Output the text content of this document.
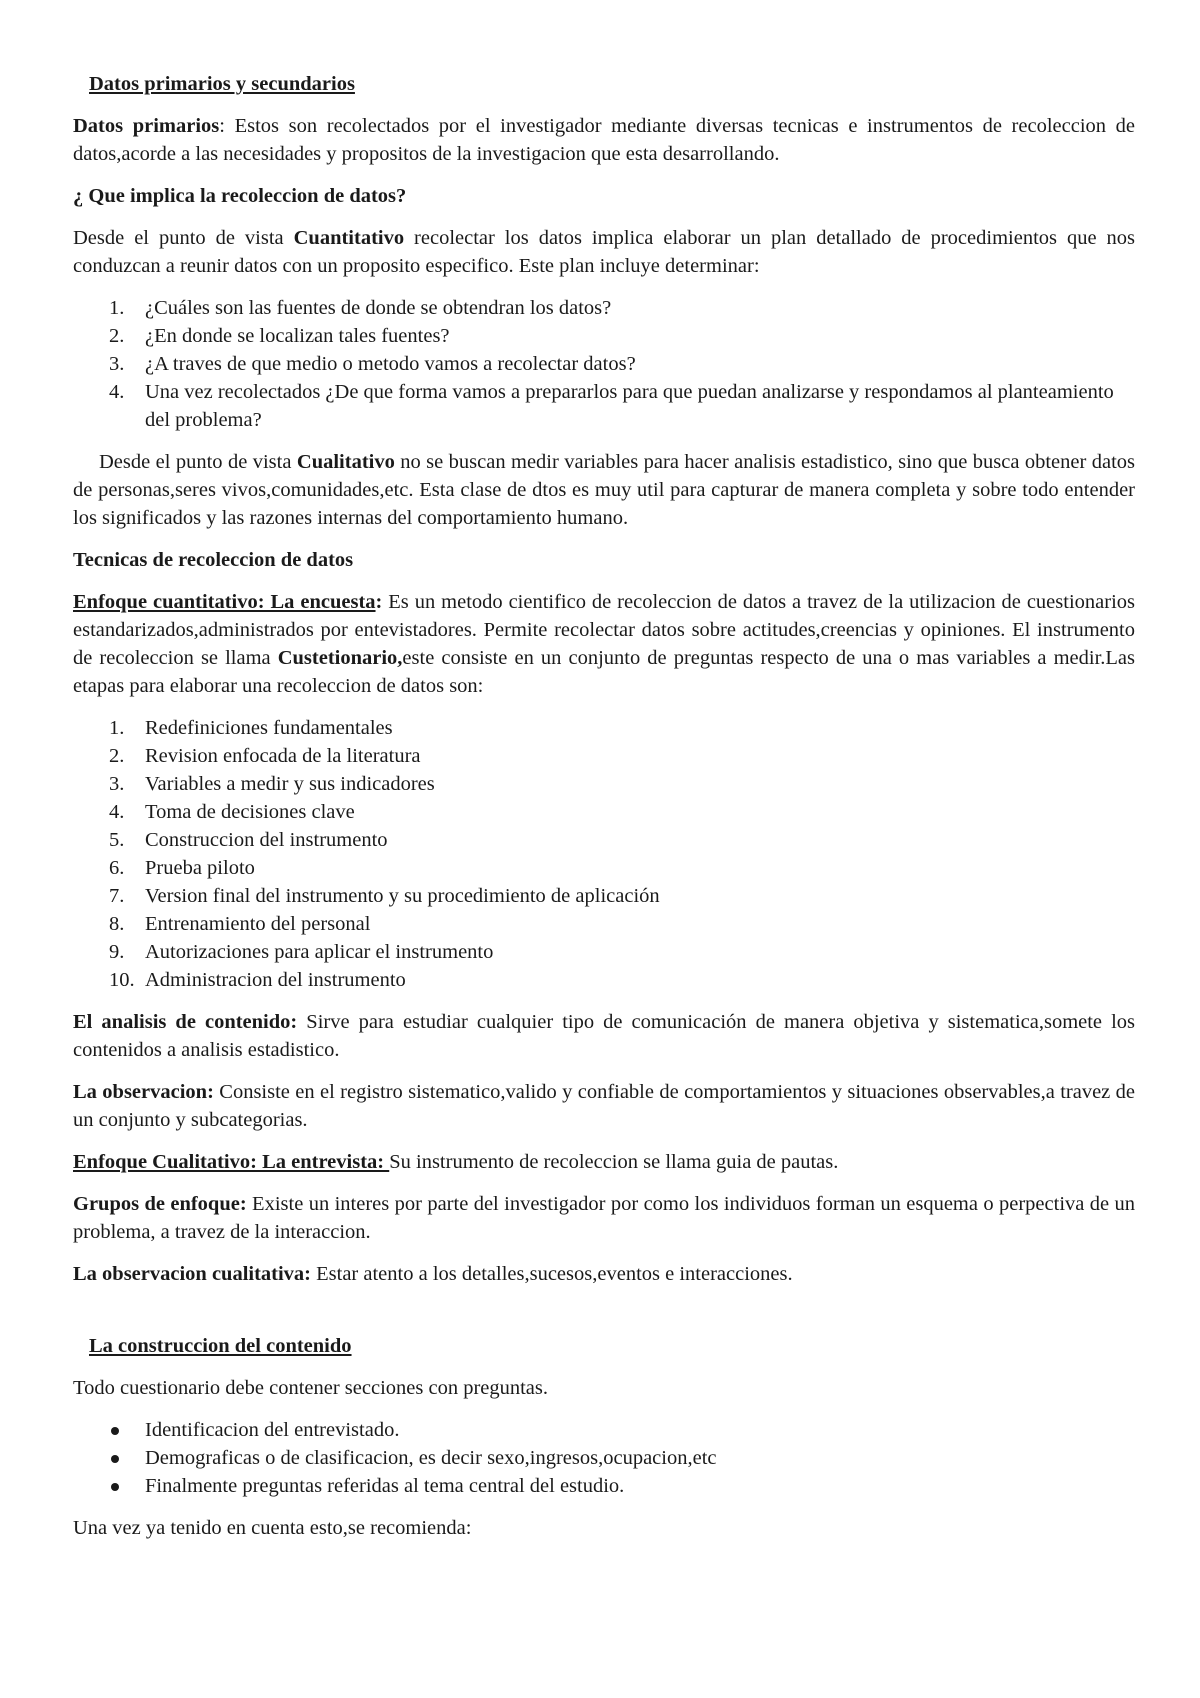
Datos primarios y secundarios

Datos primarios: Estos son recolectados por el investigador mediante diversas tecnicas e instrumentos de recoleccion de datos,acorde a las necesidades y propositos de la investigacion que esta desarrollando.

¿ Que implica la recoleccion de datos?

Desde el punto de vista Cuantitativo recolectar los datos implica elaborar un plan detallado de procedimientos que nos conduzcan a reunir datos con un proposito especifico. Este plan incluye determinar:

1. ¿Cuáles son las fuentes de donde se obtendran los datos?
2. ¿En donde se localizan tales fuentes?
3. ¿A traves de que medio o metodo vamos a recolectar datos?
4. Una vez recolectados ¿De que forma vamos a prepararlos para que puedan analizarse y respondamos al planteamiento del problema?

Desde el punto de vista Cualitativo no se buscan medir variables para hacer analisis estadistico, sino que busca obtener datos de personas,seres vivos,comunidades,etc. Esta clase de dtos es muy util para capturar de manera completa y sobre todo entender los significados y las razones internas del comportamiento humano.

Tecnicas de recoleccion de datos

Enfoque cuantitativo: La encuesta: Es un metodo cientifico de recoleccion de datos a travez de la utilizacion de cuestionarios estandarizados,administrados por entevistadores. Permite recolectar datos sobre actitudes,creencias y opiniones. El instrumento de recoleccion se llama Custetionario,este consiste en un conjunto de preguntas respecto de una o mas variables a medir.Las etapas para elaborar una recoleccion de datos son:

1. Redefiniciones fundamentales
2. Revision enfocada de la literatura
3. Variables a medir y sus indicadores
4. Toma de decisiones clave
5. Construccion del instrumento
6. Prueba piloto
7. Version final del instrumento y su procedimiento de aplicación
8. Entrenamiento del personal
9. Autorizaciones para aplicar el instrumento
10. Administracion del instrumento

El analisis de contenido: Sirve para estudiar cualquier tipo de comunicación de manera objetiva y sistematica,somete los contenidos a analisis estadistico.

La observacion: Consiste en el registro sistematico,valido y confiable de comportamientos y situaciones observables,a travez de un conjunto y subcategorias.

Enfoque Cualitativo: La entrevista: Su instrumento de recoleccion se llama guia de pautas.

Grupos de enfoque: Existe un interes por parte del investigador por como los individuos forman un esquema o perpectiva de un problema, a travez de la interaccion.

La observacion cualitativa: Estar atento a los detalles,sucesos,eventos e interacciones.

La construccion del contenido

Todo cuestionario debe contener secciones con preguntas.

Identificacion del entrevistado.
Demograficas o de clasificacion, es decir sexo,ingresos,ocupacion,etc
Finalmente preguntas referidas al tema central del estudio.

Una vez ya tenido en cuenta esto,se recomienda:
